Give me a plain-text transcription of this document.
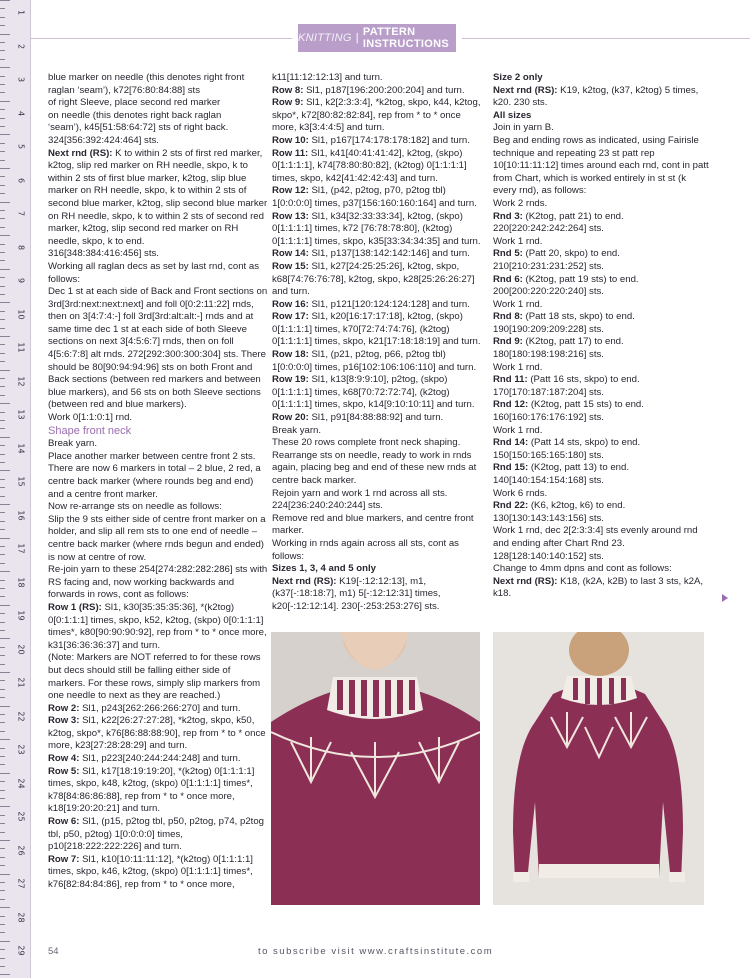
1
2
3
4
5
6
7
8
9
10
11
12
13
14
15
16
17
18
19
20
21
22
23
24
25
26
27
28
29
KNITTING | PATTERN INSTRUCTIONS

blue marker on needle (this denotes right front raglan ‘seam’), k72[76:80:84:88] sts

of right Sleeve, place second red marker

on needle (this denotes right back raglan

‘seam’), k45[51:58:64:72] sts of right back.

324[356:392:424:464] sts.

Next rnd (RS): K to within 2 sts of first red marker, k2tog, slip red marker on RH needle, skpo, k to within 2 sts of first blue marker, k2tog, slip blue marker on RH needle, skpo, k to within 2 sts of second blue marker, k2tog, slip second blue marker on RH needle, skpo, k to within 2 sts of second red marker, k2tog, slip second red marker on RH needle, skpo, k to end.

316[348:384:416:456] sts.

Working all raglan decs as set by last rnd, cont as follows:

Dec 1 st at each side of Back and Front sections on 3rd[3rd:next:next:next] and foll 0[0:2:11:22] rnds, then on 3[4:7:4:-] foll 3rd[3rd:alt:alt:-] rnds and at same time dec 1 st at each side of both Sleeve sections on next 3[4:5:6:7] rnds, then on foll 4[5:6:7:8] alt rnds. 272[292:300:300:304] sts. There should be 80[90:94:94:96] sts on both Front and Back sections (between red markers and between blue markers), and 56 sts on both Sleeve sections (between red and blue markers).

Work 0[1:1:0:1] rnd.

Shape front neck

Break yarn.

Place another marker between centre front 2 sts. There are now 6 markers in total – 2 blue, 2 red, a centre back marker (where rounds beg and end) and a centre front marker.

Now re-arrange sts on needle as follows:

Slip the 9 sts either side of centre front marker on a holder, and slip all rem sts to one end of needle – centre back marker (where rnds begun and ended) is now at centre of row.

Re-join yarn to these 254[274:282:282:286] sts with RS facing and, now working backwards and forwards in rows, cont as follows:

Row 1 (RS): Sl1, k30[35:35:35:36], *(k2tog) 0[0:1:1:1] times, skpo, k52, k2tog, (skpo) 0[0:1:1:1] times*, k80[90:90:90:92], rep from * to * once more, k31[36:36:36:37] and turn.

(Note: Markers are NOT referred to for these rows but decs should still be falling either side of markers. For these rows, simply slip markers from one needle to next as they are reached.)

Row 2: Sl1, p243[262:266:266:270] and turn.

Row 3: Sl1, k22[26:27:27:28], *k2tog, skpo, k50, k2tog, skpo*, k76[86:88:88:90], rep from * to * once more, k23[27:28:28:29] and turn.

Row 4: Sl1, p223[240:244:244:248] and turn.

Row 5: Sl1, k17[18:19:19:20], *(k2tog) 0[1:1:1:1] times, skpo, k48, k2tog, (skpo) 0[1:1:1:1] times*, k78[84:86:86:88], rep from * to * once more, k18[19:20:20:21] and turn.

Row 6: Sl1, (p15, p2tog tbl, p50, p2tog, p74, p2tog tbl, p50, p2tog) 1[0:0:0:0] times, p10[218:222:222:226] and turn.

Row 7: Sl1, k10[10:11:11:12], *(k2tog) 0[1:1:1:1] times, skpo, k46, k2tog, (skpo) 0[1:1:1:1] times*, k76[82:84:84:86], rep from * to * once more,

k11[11:12:12:13] and turn.

Row 8: Sl1, p187[196:200:200:204] and turn.

Row 9: Sl1, k2[2:3:3:4], *k2tog, skpo, k44, k2tog, skpo*, k72[80:82:82:84], rep from * to * once more, k3[3:4:4:5] and turn.

Row 10: Sl1, p167[174:178:178:182] and turn.

Row 11: Sl1, k41[40:41:41:42], k2tog, (skpo) 0[1:1:1:1], k74[78:80:80:82], (k2tog) 0[1:1:1:1] times, skpo, k42[41:42:42:43] and turn.

Row 12: Sl1, (p42, p2tog, p70, p2tog tbl) 1[0:0:0:0] times, p37[156:160:160:164] and turn.

Row 13: Sl1, k34[32:33:33:34], k2tog, (skpo) 0[1:1:1:1] times, k72 [76:78:78:80], (k2tog) 0[1:1:1:1] times, skpo, k35[33:34:34:35] and turn.

Row 14: Sl1, p137[138:142:142:146] and turn.

Row 15: Sl1, k27[24:25:25:26], k2tog, skpo, k68[74:76:76:78], k2tog, skpo, k28[25:26:26:27] and turn.

Row 16: Sl1, p121[120:124:124:128] and turn.

Row 17: Sl1, k20[16:17:17:18], k2tog, (skpo) 0[1:1:1:1] times, k70[72:74:74:76], (k2tog) 0[1:1:1:1] times, skpo, k21[17:18:18:19] and turn.

Row 18: Sl1, (p21, p2tog, p66, p2tog tbl) 1[0:0:0:0] times, p16[102:106:106:110] and turn.

Row 19: Sl1, k13[8:9:9:10], p2tog, (skpo) 0[1:1:1:1] times, k68[70:72:72:74], (k2tog) 0[1:1:1:1] times, skpo, k14[9:10:10:11] and turn.

Row 20: Sl1, p91[84:88:88:92] and turn.

Break yarn.

These 20 rows complete front neck shaping.

Rearrange sts on needle, ready to work in rnds again, placing beg and end of these new rnds at centre back marker.

Rejoin yarn and work 1 rnd across all sts. 224[236:240:240:244] sts.

Remove red and blue markers, and centre front marker.

Working in rnds again across all sts, cont as follows:

Sizes 1, 3, 4 and 5 only

Next rnd (RS): K19[-:12:12:13], m1, (k37[-:18:18:7], m1) 5[-:12:12:31] times, k20[-:12:12:14]. 230[-:253:253:276] sts.

Size 2 only

Next rnd (RS): K19, k2tog, (k37, k2tog) 5 times, k20. 230 sts.

All sizes

Join in yarn B.

Beg and ending rows as indicated, using Fairisle technique and repeating 23 st patt rep 10[10:11:11:12] times around each rnd, cont in patt from Chart, which is worked entirely in st st (k every rnd), as follows:

Work 2 rnds.

Rnd 3: (K2tog, patt 21) to end. 220[220:242:242:264] sts.

Work 1 rnd.

Rnd 5: (Patt 20, skpo) to end. 210[210:231:231:252] sts.

Rnd 6: (K2tog, patt 19 sts) to end. 200[200:220:220:240] sts.

Work 1 rnd.

Rnd 8: (Patt 18 sts, skpo) to end. 190[190:209:209:228] sts.

Rnd 9: (K2tog, patt 17) to end. 180[180:198:198:216] sts.

Work 1 rnd.

Rnd 11: (Patt 16 sts, skpo) to end. 170[170:187:187:204] sts.

Rnd 12: (K2tog, patt 15 sts) to end. 160[160:176:176:192] sts.

Work 1 rnd.

Rnd 14: (Patt 14 sts, skpo) to end. 150[150:165:165:180] sts.

Rnd 15: (K2tog, patt 13) to end. 140[140:154:154:168] sts.

Work 6 rnds.

Rnd 22: (K6, k2tog, k6) to end. 130[130:143:143:156] sts.

Work 1 rnd, dec 2[2:3:3:4] sts evenly around rnd and ending after Chart Rnd 23. 128[128:140:140:152] sts.

Change to 4mm dpns and cont as follows:

Next rnd (RS): K18, (k2A, k2B) to last 3 sts, k2A, k18.

54	to subscribe visit www.craftsinstitute.com
